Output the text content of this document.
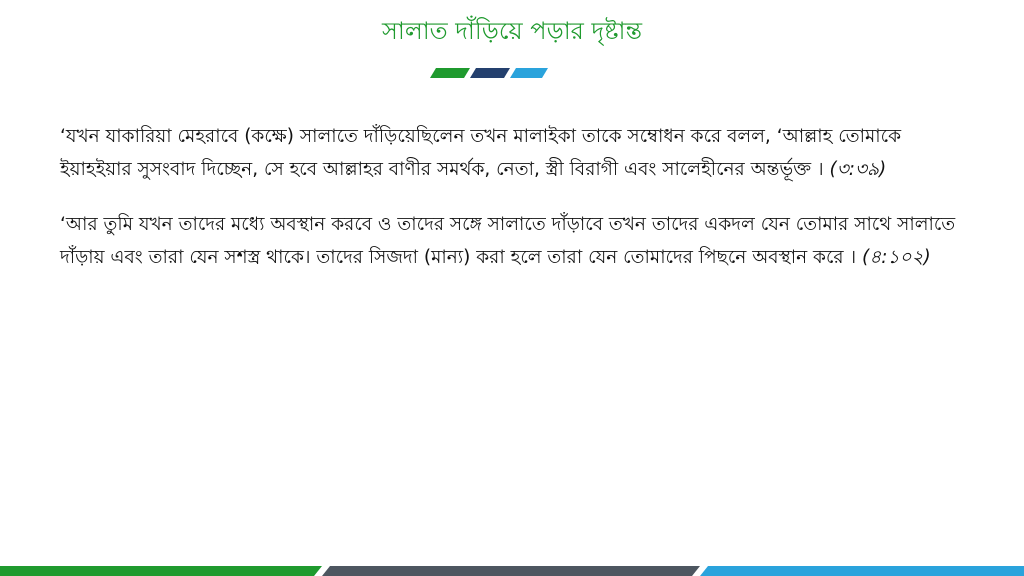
সালাত দাঁড়িয়ে পড়ার দৃষ্টান্ত

‘যখন যাকারিয়া মেহরাবে (কক্ষে) সালাতে দাঁড়িয়েছিলেন তখন মালাইকা তাকে সম্বোধন করে বলল, ‘আল্লাহ তোমাকে ইয়াহইয়ার সুসংবাদ দিচ্ছেন, সে হবে আল্লাহর বাণীর সমর্থক, নেতা, স্ত্রী বিরাগী এবং সালেহীনের অন্তর্ভূক্ত । (৩:৩৯)

‘আর তুমি যখন তাদের মধ্যে অবস্থান করবে ও তাদের সঙ্গে সালাতে দাঁড়াবে তখন তাদের একদল যেন তোমার সাথে সালাতে দাঁড়ায় এবং তারা যেন সশস্ত্র থাকে। তাদের সিজদা (মান্য) করা হলে তারা যেন তোমাদের পিছনে অবস্থান করে । (৪:১০২)
